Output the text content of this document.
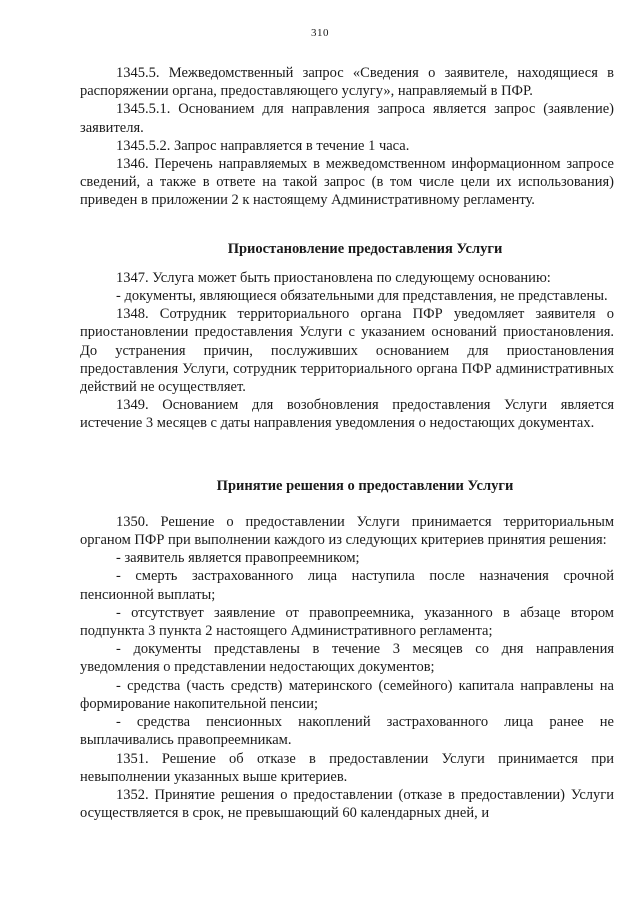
310

1345.5. Межведомственный запрос «Сведения о заявителе, находящиеся в распоряжении органа, предоставляющего услугу», направляемый в ПФР.

1345.5.1. Основанием для направления запроса является запрос (заявление) заявителя.

1345.5.2. Запрос направляется в течение 1 часа.

1346. Перечень направляемых в межведомственном информационном запросе сведений, а также в ответе на такой запрос (в том числе цели их использования) приведен в приложении 2 к настоящему Административному регламенту.

Приостановление предоставления Услуги

1347. Услуга может быть приостановлена по следующему основанию:

- документы, являющиеся обязательными для представления, не представлены.

1348. Сотрудник территориального органа ПФР уведомляет заявителя о приостановлении предоставления Услуги с указанием оснований приостановления. До устранения причин, послуживших основанием для приостановления предоставления Услуги, сотрудник территориального органа ПФР административных действий не осуществляет.

1349. Основанием для возобновления предоставления Услуги является истечение 3 месяцев с даты направления уведомления о недостающих документах.

Принятие решения о предоставлении Услуги

1350. Решение о предоставлении Услуги принимается территориальным органом ПФР при выполнении каждого из следующих критериев принятия решения:

- заявитель является правопреемником;

- смерть застрахованного лица наступила после назначения срочной пенсионной выплаты;

- отсутствует заявление от правопреемника, указанного в абзаце втором подпункта 3 пункта 2 настоящего Административного регламента;

- документы представлены в течение 3 месяцев со дня направления уведомления о представлении недостающих документов;

- средства (часть средств) материнского (семейного) капитала направлены на формирование накопительной пенсии;

- средства пенсионных накоплений застрахованного лица ранее не выплачивались правопреемникам.

1351. Решение об отказе в предоставлении Услуги принимается при невыполнении указанных выше критериев.

1352. Принятие решения о предоставлении (отказе в предоставлении) Услуги осуществляется в срок, не превышающий 60 календарных дней, и
